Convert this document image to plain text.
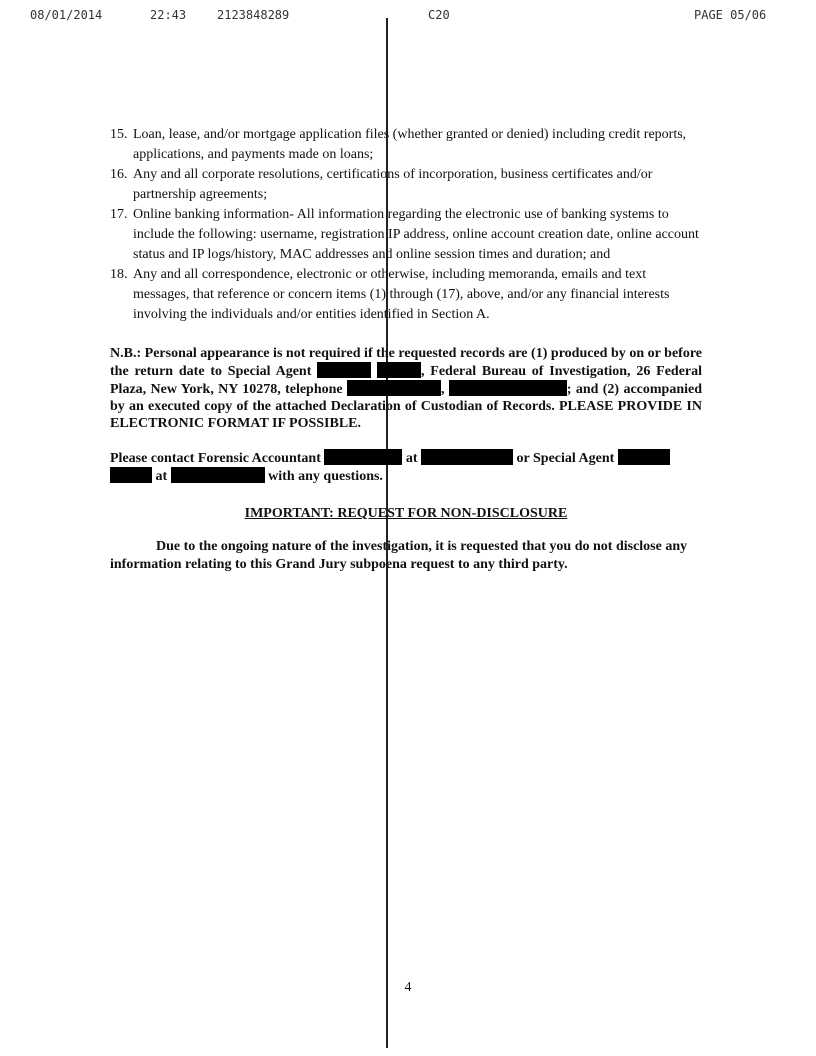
08/01/2014	22:43	2123848289	C20	PAGE 05/06
15. Loan, lease, and/or mortgage application files (whether granted or denied) including credit reports, applications, and payments made on loans;
16. Any and all corporate resolutions, certifications of incorporation, business certificates and/or partnership agreements;
17. Online banking information- All information regarding the electronic use of banking systems to include the following: username, registration IP address, online account creation date, online account status and IP logs/history, MAC addresses and online session times and duration; and
18. Any and all correspondence, electronic or otherwise, including memoranda, emails and text messages, that reference or concern items (1) through (17), above, and/or any financial interests involving the individuals and/or entities identified in Section A.

N.B.: Personal appearance is not required if the requested records are (1) produced by on or before the return date to Special Agent	, Federal Bureau of Investigation, 26 Federal Plaza, New York, NY 10278, telephone	,	; and (2) accompanied by an executed copy of the attached Declaration of Custodian of Records. PLEASE PROVIDE IN ELECTRONIC FORMAT IF POSSIBLE.

Please contact Forensic Accountant	at	or Special Agent
at	with any questions.

IMPORTANT: REQUEST FOR NON-DISCLOSURE

Due to the ongoing nature of the investigation, it is requested that you do not disclose any information relating to this Grand Jury subpoena request to any third party.

4
